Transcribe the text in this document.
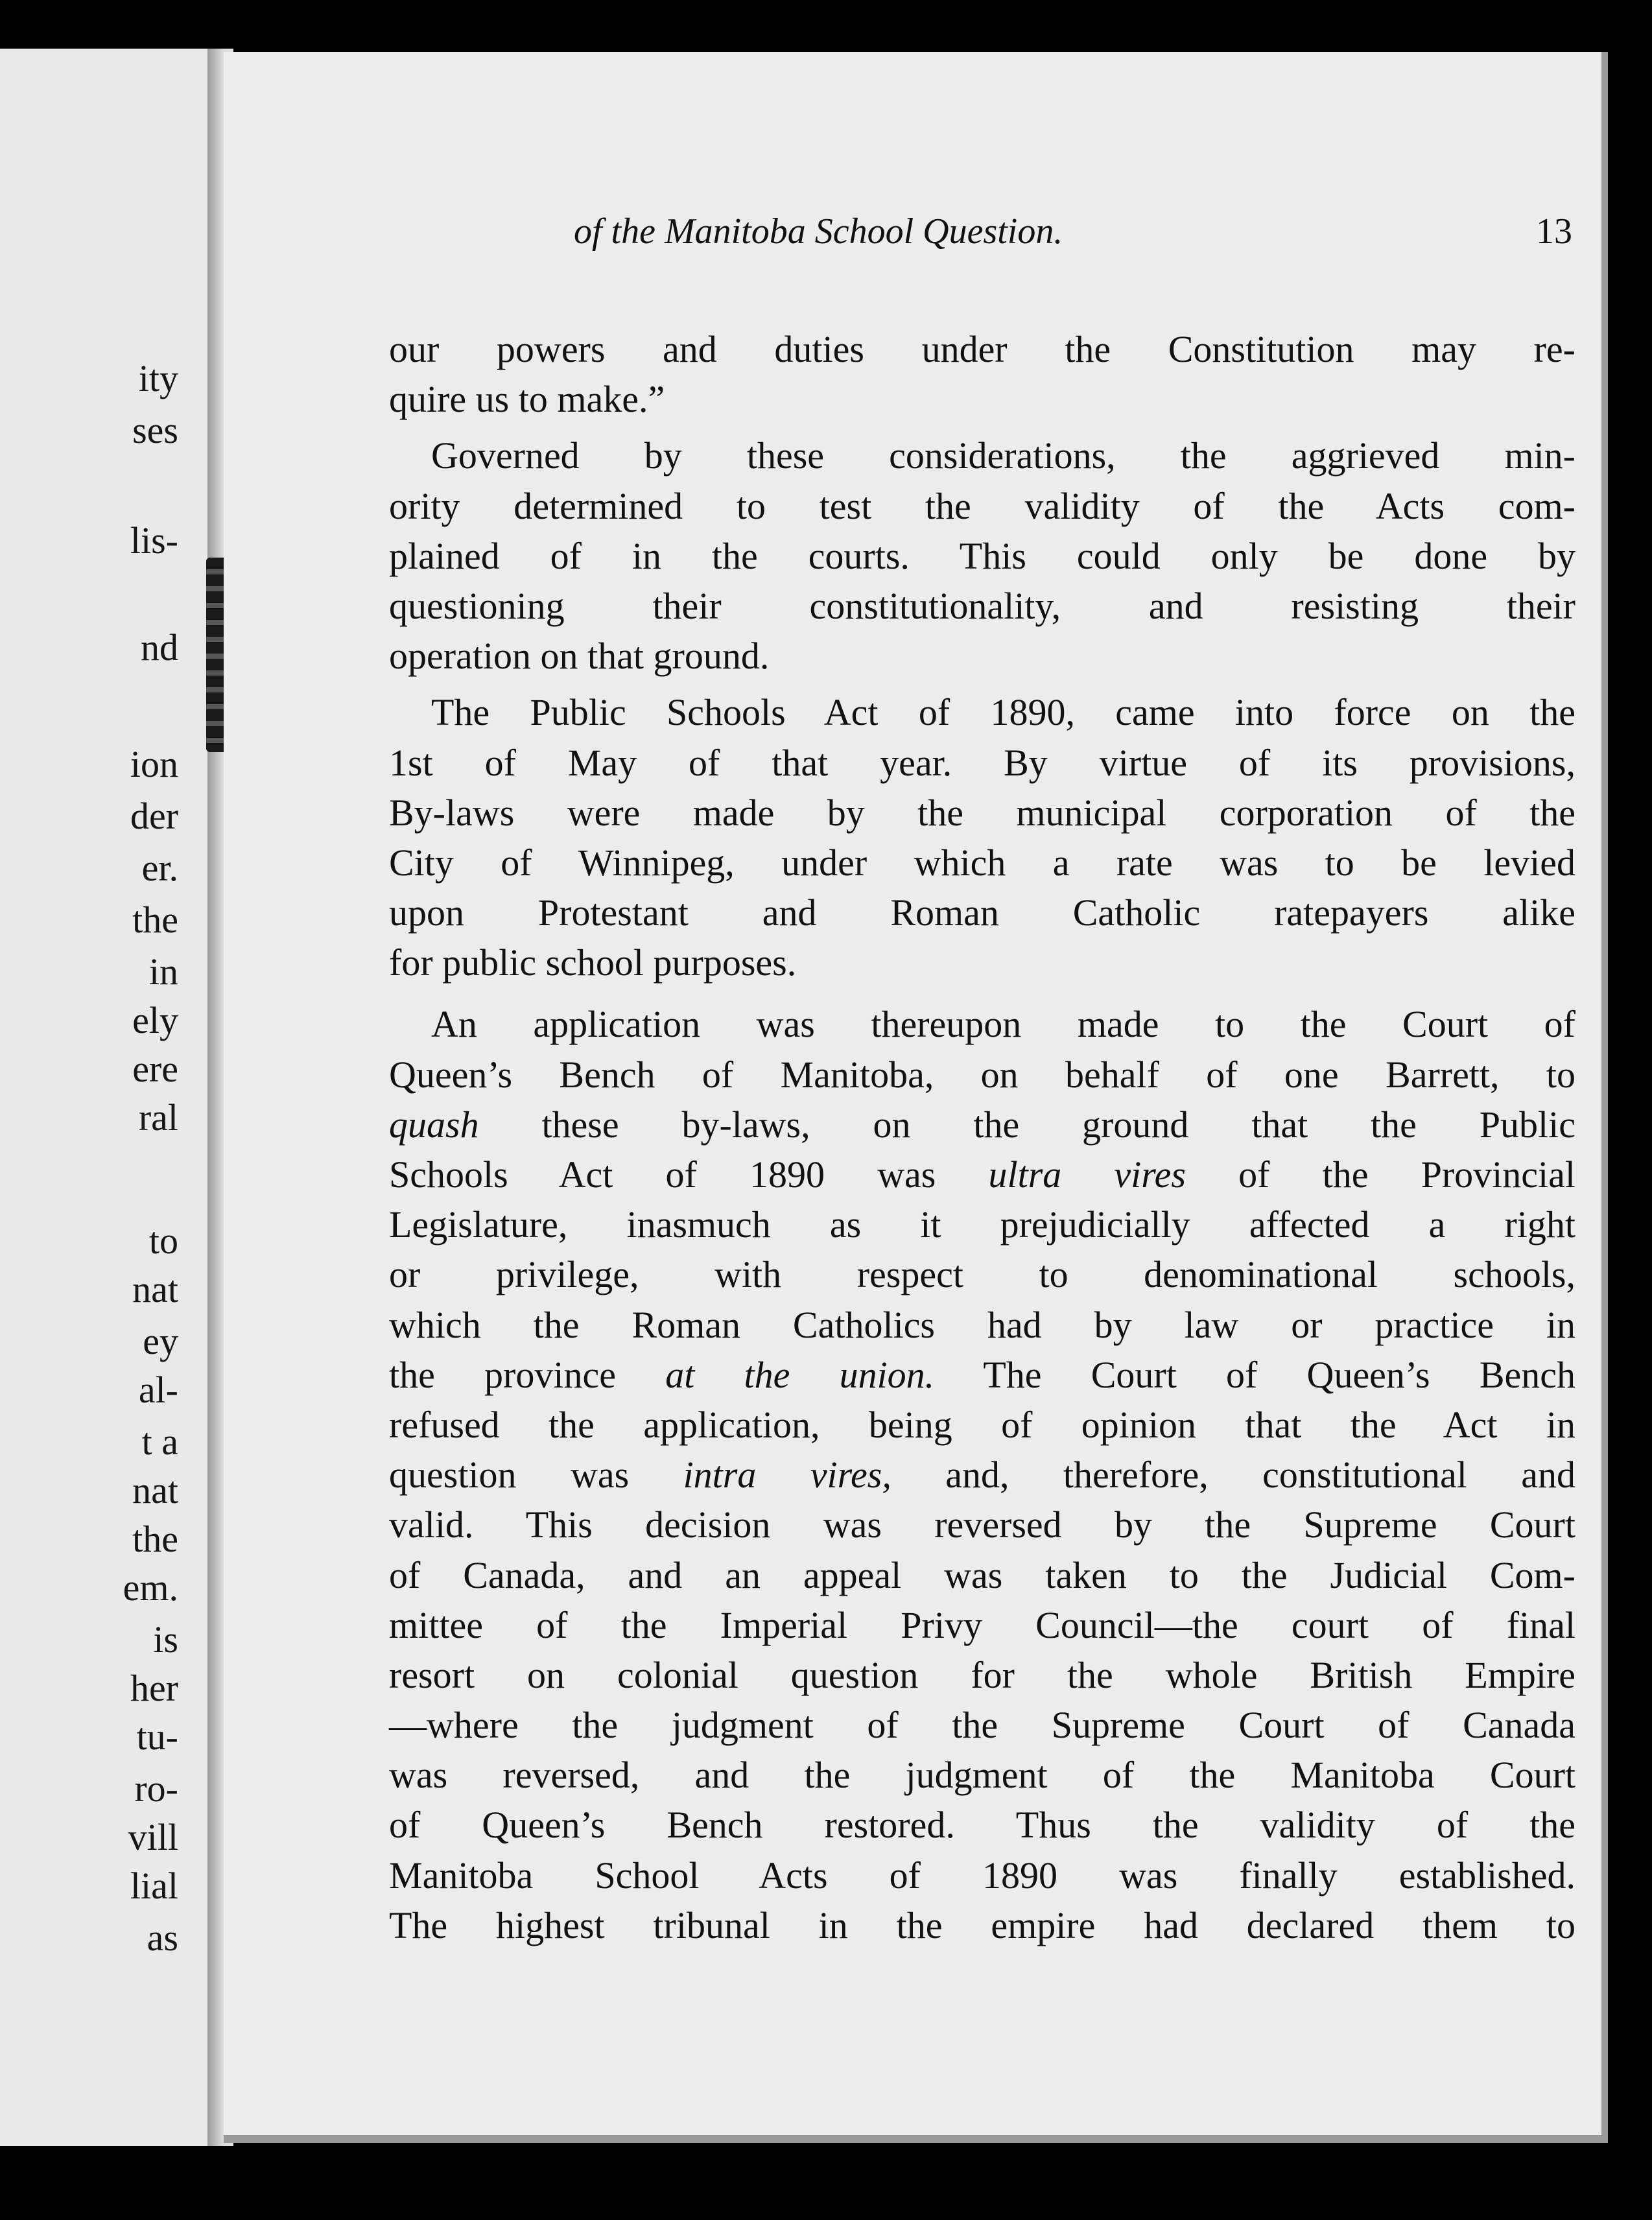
ity
ses
lis-
nd
ion
der
er.
the
in
ely
ere
ral
to
nat
ey
al-
t a
nat
the
em.
is
her
tu-
ro-
vill
lial
as
of the Manitoba School Question.	13
our powers and duties under the Constitution may re-
quire us to make.”
Governed by these considerations, the aggrieved min-
ority determined to test the validity of the Acts com-
plained of in the courts. This could only be done by
questioning their constitutionality, and resisting their
operation on that ground.
The Public Schools Act of 1890, came into force on the
1st of May of that year. By virtue of its provisions,
By-laws were made by the municipal corporation of the
City of Winnipeg, under which a rate was to be levied
upon Protestant and Roman Catholic ratepayers alike
for public school purposes.
An application was thereupon made to the Court of
Queen’s Bench of Manitoba, on behalf of one Barrett, to
quash these by-laws, on the ground that the Public
Schools Act of 1890 was ultra vires of the Provincial
Legislature, inasmuch as it prejudicially affected a right
or privilege, with respect to denominational schools,
which the Roman Catholics had by law or practice in
the province at the union. The Court of Queen’s Bench
refused the application, being of opinion that the Act in
question was intra vires, and, therefore, constitutional and
valid. This decision was reversed by the Supreme Court
of Canada, and an appeal was taken to the Judicial Com-
mittee of the Imperial Privy Council—the court of final
resort on colonial question for the whole British Empire
—where the judgment of the Supreme Court of Canada
was reversed, and the judgment of the Manitoba Court
of Queen’s Bench restored. Thus the validity of the
Manitoba School Acts of 1890 was finally established.
The highest tribunal in the empire had declared them to
